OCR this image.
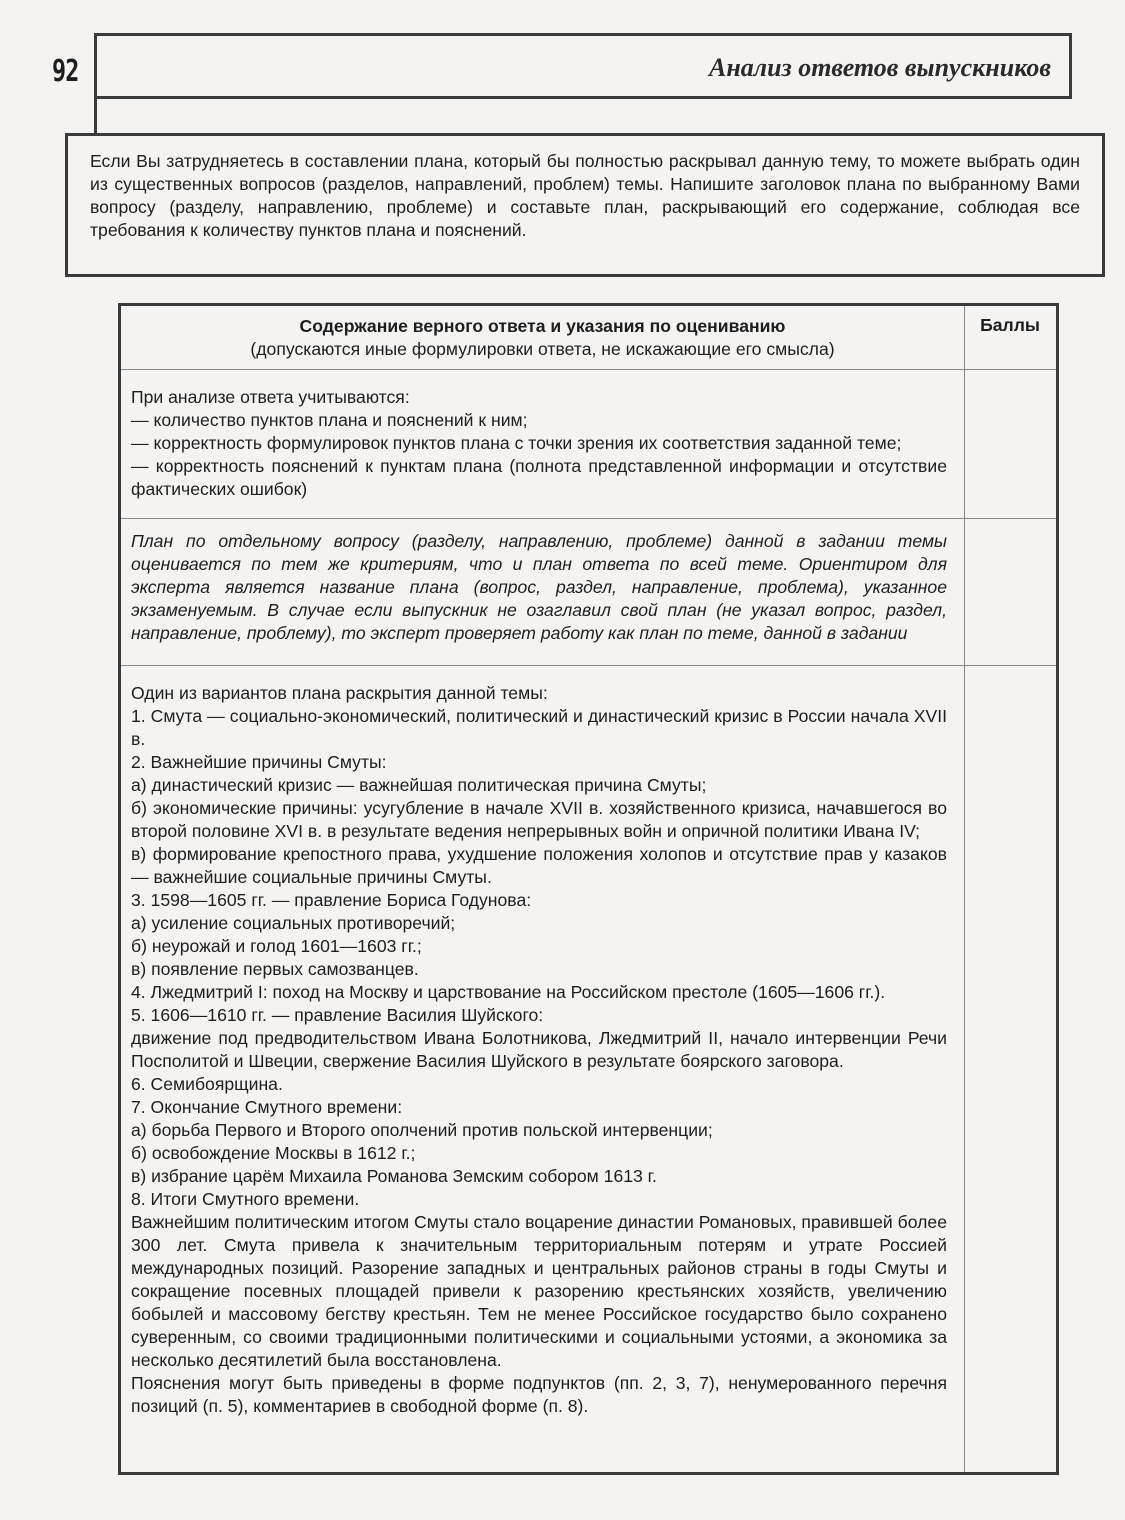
92	Анализ ответов выпускников

Если Вы затрудняетесь в составлении плана, который бы полностью раскрывал данную тему, то можете выбрать один из существенных вопросов (разделов, направлений, проблем) темы. Напишите заголовок плана по выбранному Вами вопросу (разделу, направлению, проблеме) и составьте план, раскрывающий его содержание, соблюдая все требования к количеству пунктов плана и пояснений.

Содержание верного ответа и указания по оцениванию
(допускаются иные формулировки ответа, не искажающие его смысла)
Баллы

При анализе ответа учитываются:

— количество пунктов плана и пояснений к ним;

— корректность формулировок пунктов плана с точки зрения их соответствия заданной теме;

— корректность пояснений к пунктам плана (полнота представленной информации и отсутствие фактических ошибок)

План по отдельному вопросу (разделу, направлению, проблеме) данной в задании темы оценивается по тем же критериям, что и план ответа по всей теме. Ориентиром для эксперта является название плана (вопрос, раздел, направление, проблема), указанное экзаменуемым. В случае если выпускник не озаглавил свой план (не указал вопрос, раздел, направление, проблему), то эксперт проверяет работу как план по теме, данной в задании

Один из вариантов плана раскрытия данной темы:

1. Смута — социально-экономический, политический и династический кризис в России начала XVII в.

2. Важнейшие причины Смуты:

а) династический кризис — важнейшая политическая причина Смуты;

б) экономические причины: усугубление в начале XVII в. хозяйственного кризиса, начавшегося во второй половине XVI в. в результате ведения непрерывных войн и опричной политики Ивана IV;

в) формирование крепостного права, ухудшение положения холопов и отсутствие прав у казаков — важнейшие социальные причины Смуты.

3. 1598—1605 гг. — правление Бориса Годунова:

а) усиление социальных противоречий;

б) неурожай и голод 1601—1603 гг.;

в) появление первых самозванцев.

4. Лжедмитрий I: поход на Москву и царствование на Российском престоле (1605—1606 гг.).

5. 1606—1610 гг. — правление Василия Шуйского:

движение под предводительством Ивана Болотникова, Лжедмитрий II, начало интервенции Речи Посполитой и Швеции, свержение Василия Шуйского в результате боярского заговора.

6. Семибоярщина.

7. Окончание Смутного времени:

а) борьба Первого и Второго ополчений против польской интервенции;

б) освобождение Москвы в 1612 г.;

в) избрание царём Михаила Романова Земским собором 1613 г.

8. Итоги Смутного времени.

Важнейшим политическим итогом Смуты стало воцарение династии Романовых, правившей более 300 лет. Смута привела к значительным территориальным потерям и утрате Россией международных позиций. Разорение западных и центральных районов страны в годы Смуты и сокращение посевных площадей привели к разорению крестьянских хозяйств, увеличению бобылей и массовому бегству крестьян. Тем не менее Российское государство было сохранено суверенным, со своими традиционными политическими и социальными устоями, а экономика за несколько десятилетий была восстановлена.

Пояснения могут быть приведены в форме подпунктов (пп. 2, 3, 7), ненумерованного перечня позиций (п. 5), комментариев в свободной форме (п. 8).
